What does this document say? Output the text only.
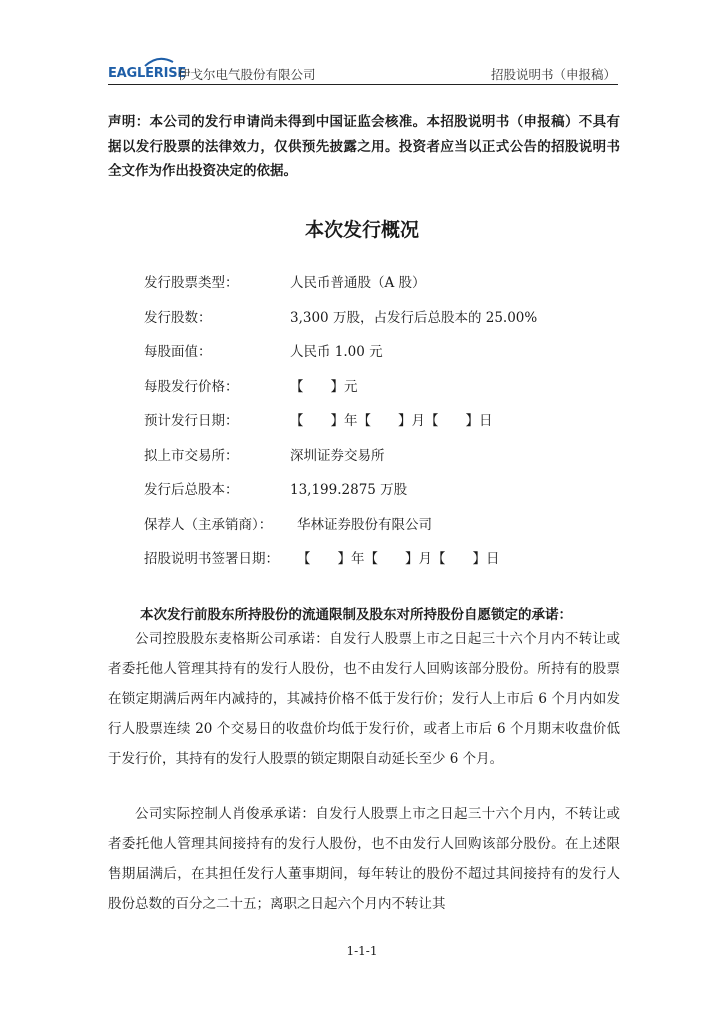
EAGLERISE
伊戈尔电气股份有限公司	招股说明书（申报稿）
声明：本公司的发行申请尚未得到中国证监会核准。本招股说明书（申报稿）不具有据以发行股票的法律效力，仅供预先披露之用。投资者应当以正式公告的招股说明书全文作为作出投资决定的依据。
本次发行概况
发行股票类型：	人民币普通股（A 股）
发行股数：	3,300 万股，占发行后总股本的 25.00%
每股面值：	人民币 1.00 元
每股发行价格：	【　　】元
预计发行日期：	【　　】年【　　】月【　　】日
拟上市交易所：	深圳证券交易所
发行后总股本：	13,199.2875 万股
保荐人（主承销商）： 华林证券股份有限公司
招股说明书签署日期： 【　　】年【　　】月【　　】日
本次发行前股东所持股份的流通限制及股东对所持股份自愿锁定的承诺：
公司控股股东麦格斯公司承诺：自发行人股票上市之日起三十六个月内不转让或者委托他人管理其持有的发行人股份，也不由发行人回购该部分股份。所持有的股票在锁定期满后两年内减持的，其减持价格不低于发行价；发行人上市后 6 个月内如发行人股票连续 20 个交易日的收盘价均低于发行价，或者上市后 6 个月期末收盘价低于发行价，其持有的发行人股票的锁定期限自动延长至少 6 个月。
公司实际控制人肖俊承承诺：自发行人股票上市之日起三十六个月内，不转让或者委托他人管理其间接持有的发行人股份，也不由发行人回购该部分股份。在上述限售期届满后，在其担任发行人董事期间，每年转让的股份不超过其间接持有的发行人股份总数的百分之二十五；离职之日起六个月内不转让其
1-1-1
